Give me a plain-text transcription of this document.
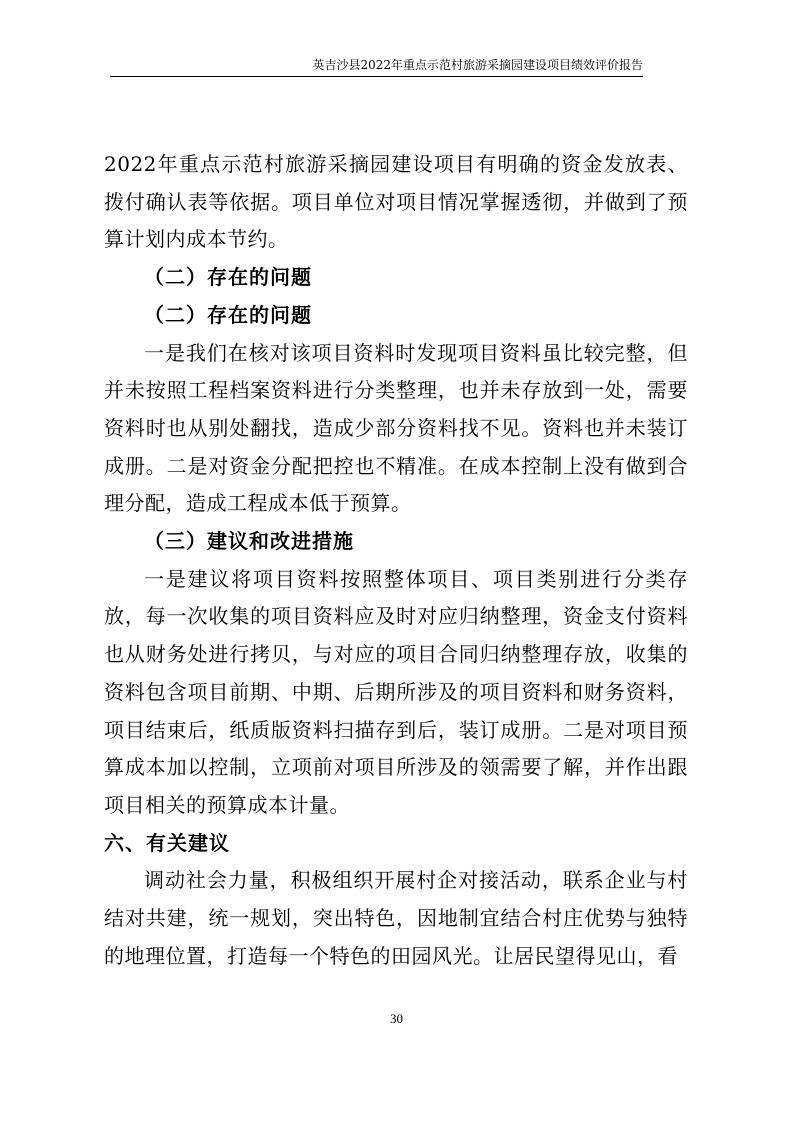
英吉沙县2022年重点示范村旅游采摘园建设项目绩效评价报告

2022年重点示范村旅游采摘园建设项目有明确的资金发放表、拨付确认表等依据。项目单位对项目情况掌握透彻，并做到了预算计划内成本节约。

（二）存在的问题

（二）存在的问题

一是我们在核对该项目资料时发现项目资料虽比较完整，但并未按照工程档案资料进行分类整理，也并未存放到一处，需要资料时也从别处翻找，造成少部分资料找不见。资料也并未装订成册。二是对资金分配把控也不精准。在成本控制上没有做到合理分配，造成工程成本低于预算。

（三）建议和改进措施

一是建议将项目资料按照整体项目、项目类别进行分类存放，每一次收集的项目资料应及时对应归纳整理，资金支付资料也从财务处进行拷贝，与对应的项目合同归纳整理存放，收集的资料包含项目前期、中期、后期所涉及的项目资料和财务资料，项目结束后，纸质版资料扫描存到后，装订成册。二是对项目预算成本加以控制，立项前对项目所涉及的领需要了解，并作出跟项目相关的预算成本计量。

六、有关建议

调动社会力量，积极组织开展村企对接活动，联系企业与村结对共建，统一规划，突出特色，因地制宜结合村庄优势与独特的地理位置，打造每一个特色的田园风光。让居民望得见山，看

30
